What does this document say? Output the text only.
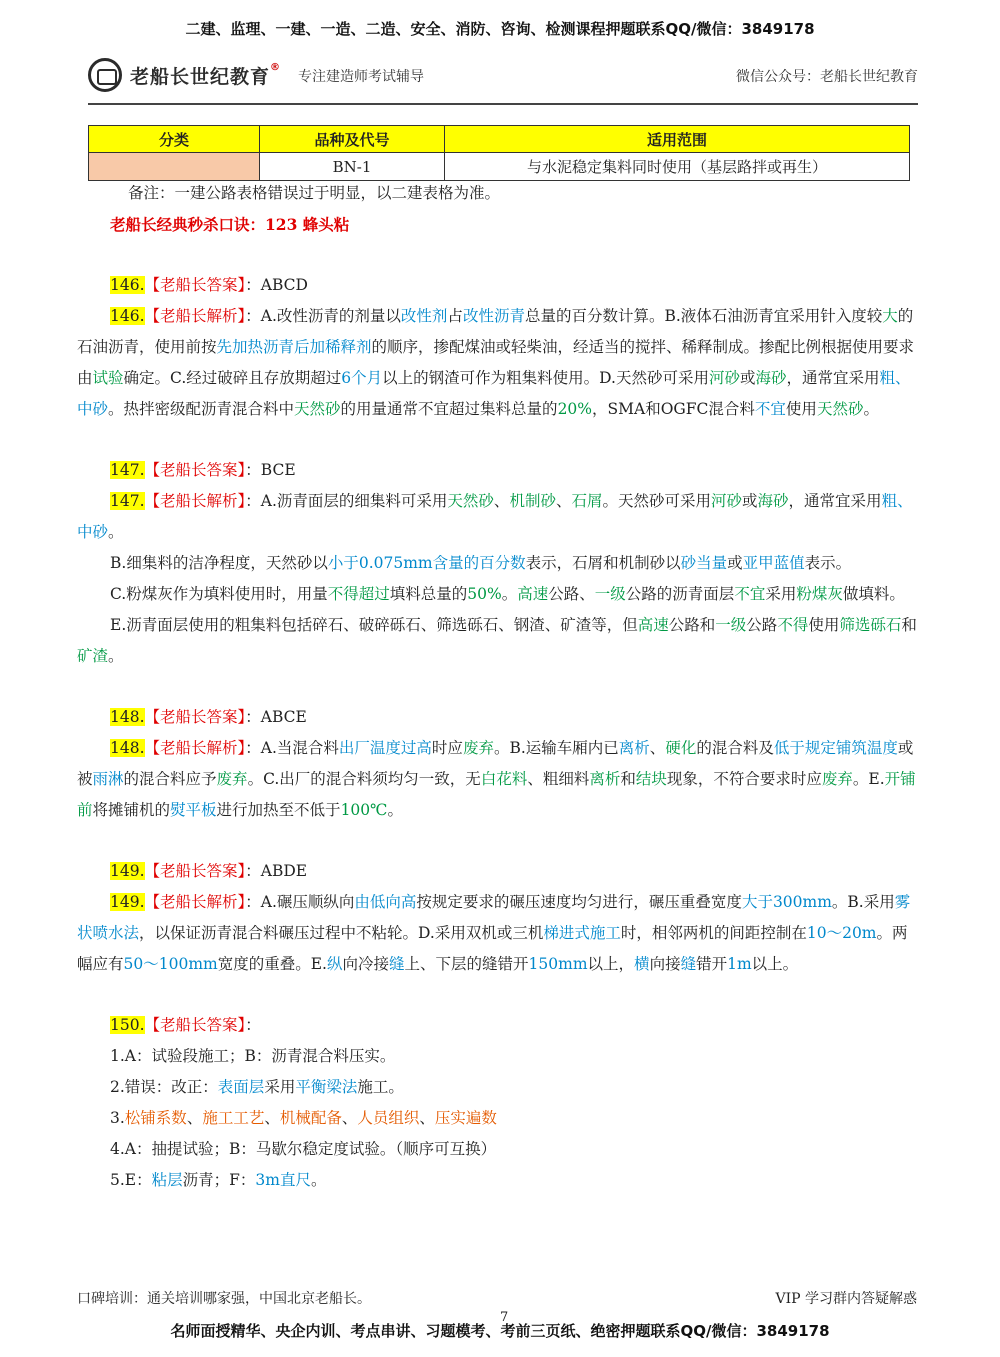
二建、监理、一建、一造、二造、安全、消防、咨询、检测课程押题联系QQ/微信：3849178
老船长世纪教育®
专注建造师考试辅导	微信公众号：老船长世纪教育
分类	品种及代号	适用范围
	BN-1	与水泥稳定集料同时使用（基层路拌或再生）

备注：一建公路表格错误过于明显，以二建表格为准。

老船长经典秒杀口诀：123 蜂头粘

146.【老船长答案】：ABCD

146.【老船长解析】：A.改性沥青的剂量以改性剂占改性沥青总量的百分数计算。B.液体石油沥青宜采用针入度较大的石油沥青，使用前按先加热沥青后加稀释剂的顺序，掺配煤油或轻柴油，经适当的搅拌、稀释制成。掺配比例根据使用要求由试验确定。C.经过破碎且存放期超过6个月以上的钢渣可作为粗集料使用。D.天然砂可采用河砂或海砂，通常宜采用粗、中砂。热拌密级配沥青混合料中天然砂的用量通常不宜超过集料总量的20%，SMA和OGFC混合料不宜使用天然砂。

147.【老船长答案】：BCE

147.【老船长解析】：A.沥青面层的细集料可采用天然砂、机制砂、石屑。天然砂可采用河砂或海砂，通常宜采用粗、中砂。

B.细集料的洁净程度，天然砂以小于0.075mm含量的百分数表示，石屑和机制砂以砂当量或亚甲蓝值表示。

C.粉煤灰作为填料使用时，用量不得超过填料总量的50%。高速公路、一级公路的沥青面层不宜采用粉煤灰做填料。

E.沥青面层使用的粗集料包括碎石、破碎砾石、筛选砾石、钢渣、矿渣等，但高速公路和一级公路不得使用筛选砾石和矿渣。

148.【老船长答案】：ABCE

148.【老船长解析】：A.当混合料出厂温度过高时应废弃。B.运输车厢内已离析、硬化的混合料及低于规定铺筑温度或被雨淋的混合料应予废弃。C.出厂的混合料须均匀一致，无白花料、粗细料离析和结块现象，不符合要求时应废弃。E.开铺前将摊铺机的熨平板进行加热至不低于100℃。

149.【老船长答案】：ABDE

149.【老船长解析】：A.碾压顺纵向由低向高按规定要求的碾压速度均匀进行，碾压重叠宽度大于300mm。B.采用雾状喷水法，以保证沥青混合料碾压过程中不粘轮。D.采用双机或三机梯进式施工时，相邻两机的间距控制在10～20m。两幅应有50～100mm宽度的重叠。E.纵向冷接缝上、下层的缝错开150mm以上，横向接缝错开1m以上。

150.【老船长答案】：

1.A：试验段施工；B：沥青混合料压实。

2.错误：改正：表面层采用平衡梁法施工。

3.松铺系数、施工工艺、机械配备、人员组织、压实遍数

4.A：抽提试验；B：马歇尔稳定度试验。（顺序可互换）

5.E：粘层沥青；F：3m直尺。

口碑培训：通关培训哪家强，中国北京老船长。	VIP 学习群内答疑解惑
7
名师面授精华、央企内训、考点串讲、习题模考、考前三页纸、绝密押题联系QQ/微信：3849178
